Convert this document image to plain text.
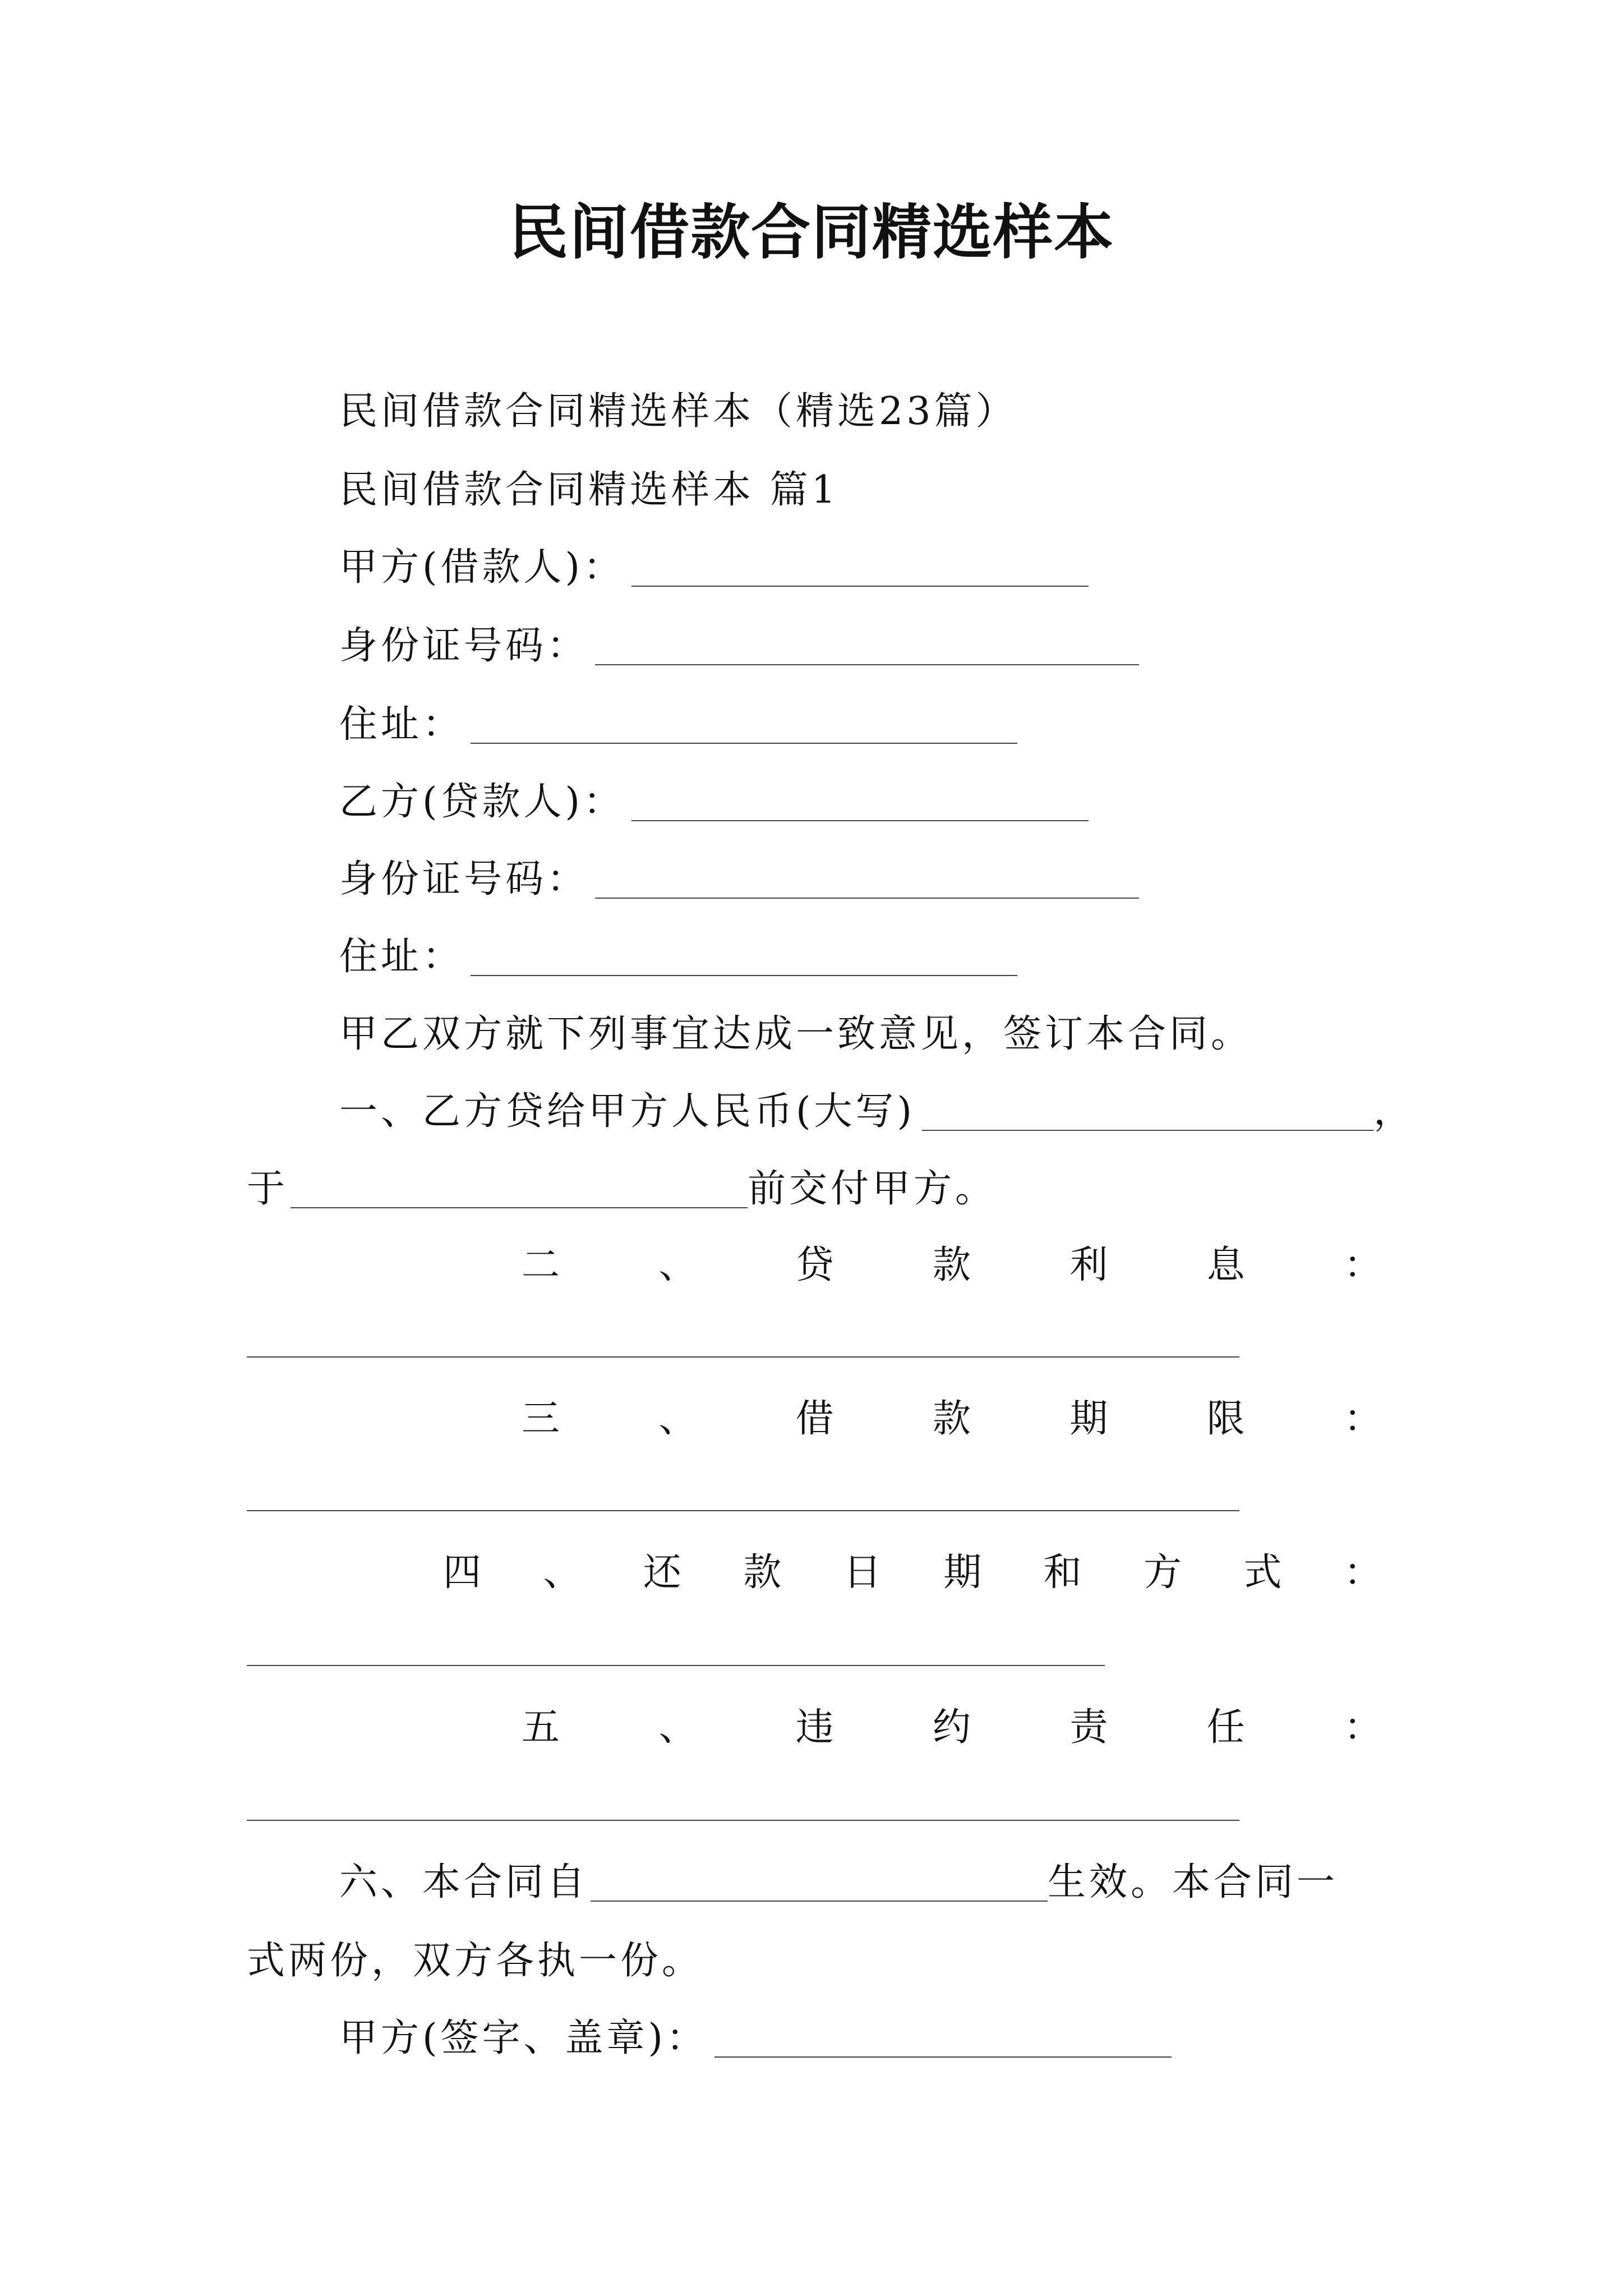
民间借款合同精选样本
民间借款合同精选样本（精选23篇）
民间借款合同精选样本 篇1
甲方(借款人)：
身份证号码：
住址：
乙方(贷款人)：
身份证号码：
住址：
甲乙双方就下列事宜达成一致意见，签订本合同。
一、乙方贷给甲方人民币(大写)	，
于	前交付甲方。
二	、	贷	款	利	息	：
三	、	借	款	期	限	：
四 、 还 款 日 期 和 方 式 ：
五	、	违	约	责	任	：
六、本合同自	生效。本合同一
式两份，双方各执一份。
甲方(签字、盖章)：
